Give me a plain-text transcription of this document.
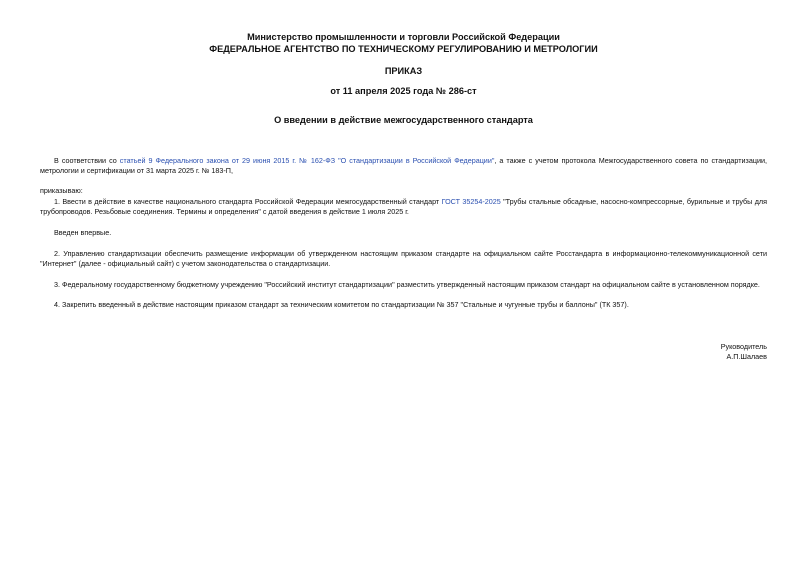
Министерство промышленности и торговли Российской Федерации
ФЕДЕРАЛЬНОЕ АГЕНТСТВО ПО ТЕХНИЧЕСКОМУ РЕГУЛИРОВАНИЮ И МЕТРОЛОГИИ
ПРИКАЗ
от 11 апреля 2025 года № 286-ст
О введении в действие межгосударственного стандарта
В соответствии со статьей 9 Федерального закона от 29 июня 2015 г. № 162-ФЗ "О стандартизации в Российской Федерации", а также с учетом протокола Межгосударственного совета по стандартизации, метрологии и сертификации от 31 марта 2025 г. № 183-П,
приказываю:
1. Ввести в действие в качестве национального стандарта Российской Федерации межгосударственный стандарт ГОСТ 35254-2025 "Трубы стальные обсадные, насосно-компрессорные, бурильные и трубы для трубопроводов. Резьбовые соединения. Термины и определения" с датой введения в действие 1 июля 2025 г.
Введен впервые.
2. Управлению стандартизации обеспечить размещение информации об утвержденном настоящим приказом стандарте на официальном сайте Росстандарта в информационно-телекоммуникационной сети "Интернет" (далее - официальный сайт) с учетом законодательства о стандартизации.
3. Федеральному государственному бюджетному учреждению "Российский институт стандартизации" разместить утвержденный настоящим приказом стандарт на официальном сайте в установленном порядке.
4. Закрепить введенный в действие настоящим приказом стандарт за техническим комитетом по стандартизации № 357 "Стальные и чугунные трубы и баллоны" (ТК 357).
Руководитель
А.П.Шалаев
